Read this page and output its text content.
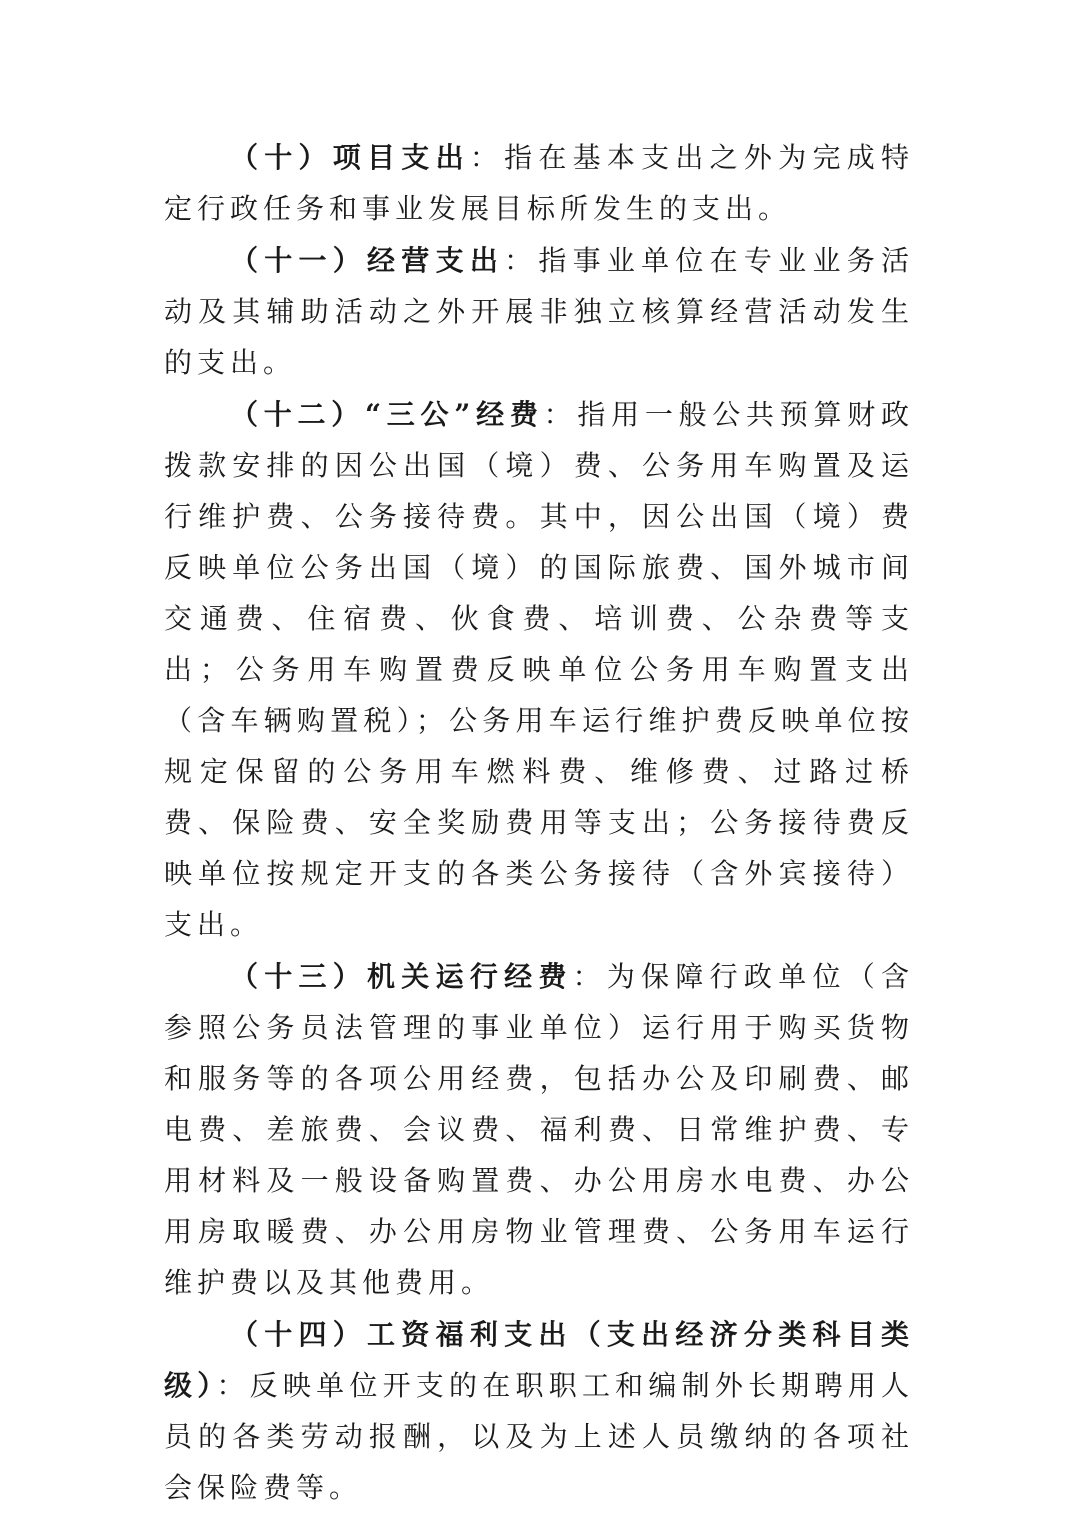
（十）项目支出：指在基本支出之外为完成特定行政任务和事业发展目标所发生的支出。

（十一）经营支出：指事业单位在专业业务活动及其辅助活动之外开展非独立核算经营活动发生的支出。

（十二）“三公”经费：指用一般公共预算财政拨款安排的因公出国（境）费、公务用车购置及运行维护费、公务接待费。其中，因公出国（境）费反映单位公务出国（境）的国际旅费、国外城市间交通费、住宿费、伙食费、培训费、公杂费等支出；公务用车购置费反映单位公务用车购置支出（含车辆购置税）；公务用车运行维护费反映单位按规定保留的公务用车燃料费、维修费、过路过桥费、保险费、安全奖励费用等支出；公务接待费反映单位按规定开支的各类公务接待（含外宾接待）支出。

（十三）机关运行经费：为保障行政单位（含参照公务员法管理的事业单位）运行用于购买货物和服务等的各项公用经费，包括办公及印刷费、邮电费、差旅费、会议费、福利费、日常维护费、专用材料及一般设备购置费、办公用房水电费、办公用房取暖费、办公用房物业管理费、公务用车运行维护费以及其他费用。

（十四）工资福利支出（支出经济分类科目类级）：反映单位开支的在职职工和编制外长期聘用人员的各类劳动报酬，以及为上述人员缴纳的各项社会保险费等。
